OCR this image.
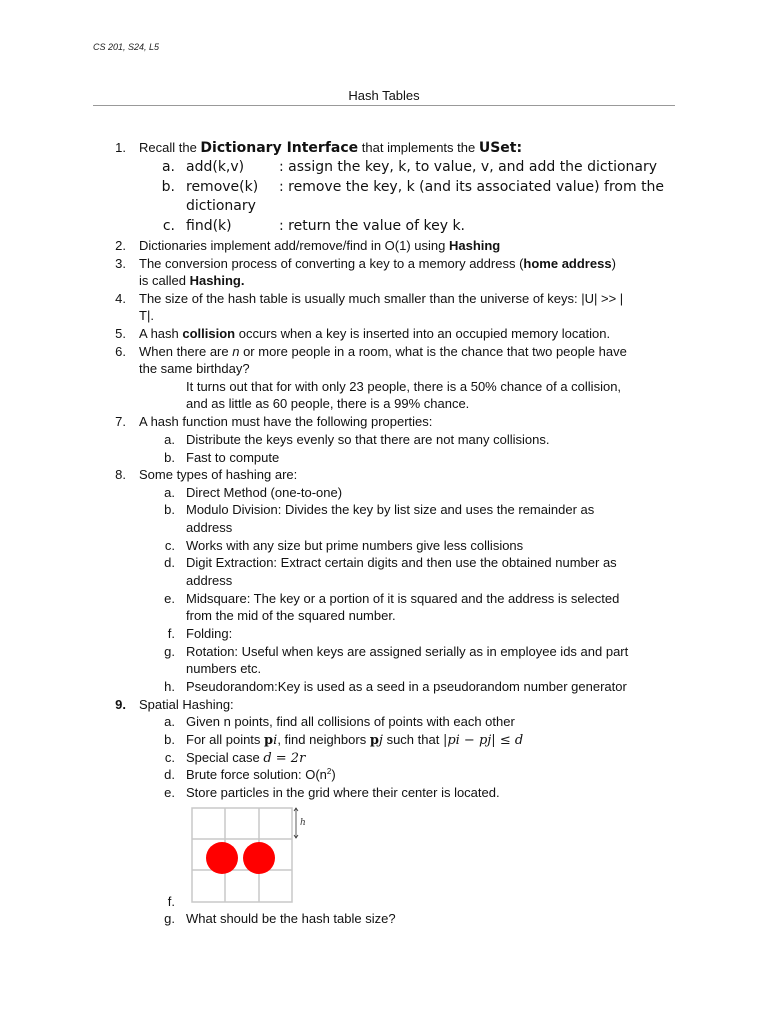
CS 201, S24, L5
Hash Tables
1. Recall the Dictionary Interface that implements the USet:
a. add(k,v) : assign the key, k, to value, v, and add the dictionary
b. remove(k) : remove the key, k (and its associated value) from the
dictionary
c. find(k)	: return the value of key k.
2. Dictionaries implement add/remove/find in O(1) using Hashing
3. The conversion process of converting a key to a memory address (home address)
is called Hashing.
4. The size of the hash table is usually much smaller than the universe of keys: |U| >> |
T|.
5. A hash collision occurs when a key is inserted into an occupied memory location.
6. When there are n or more people in a room, what is the chance that two people have
the same birthday?
It turns out that for with only 23 people, there is a 50% chance of a collision,
and as little as 60 people, there is a 99% chance.
7. A hash function must have the following properties:
a. Distribute the keys evenly so that there are not many collisions.
b. Fast to compute
8. Some types of hashing are:
a. Direct Method (one-to-one)
b. Modulo Division: Divides the key by list size and uses the remainder as
address
c. Works with any size but prime numbers give less collisions
d. Digit Extraction: Extract certain digits and then use the obtained number as
address
e. Midsquare: The key or a portion of it is squared and the address is selected
from the mid of the squared number.
f. Folding:
g. Rotation: Useful when keys are assigned serially as in employee ids and part
numbers etc.
h. Pseudorandom:Key is used as a seed in a pseudorandom number generator
9. Spatial Hashing:
a. Given n points, find all collisions of points with each other
b. For all points pi, find neighbors pj such that |pi − pj| ≤ d
c. Special case d = 2r
d. Brute force solution: $O(n^2)$
e. Store particles in the grid where their center is located.
h
f.
g. What should be the hash table size?
